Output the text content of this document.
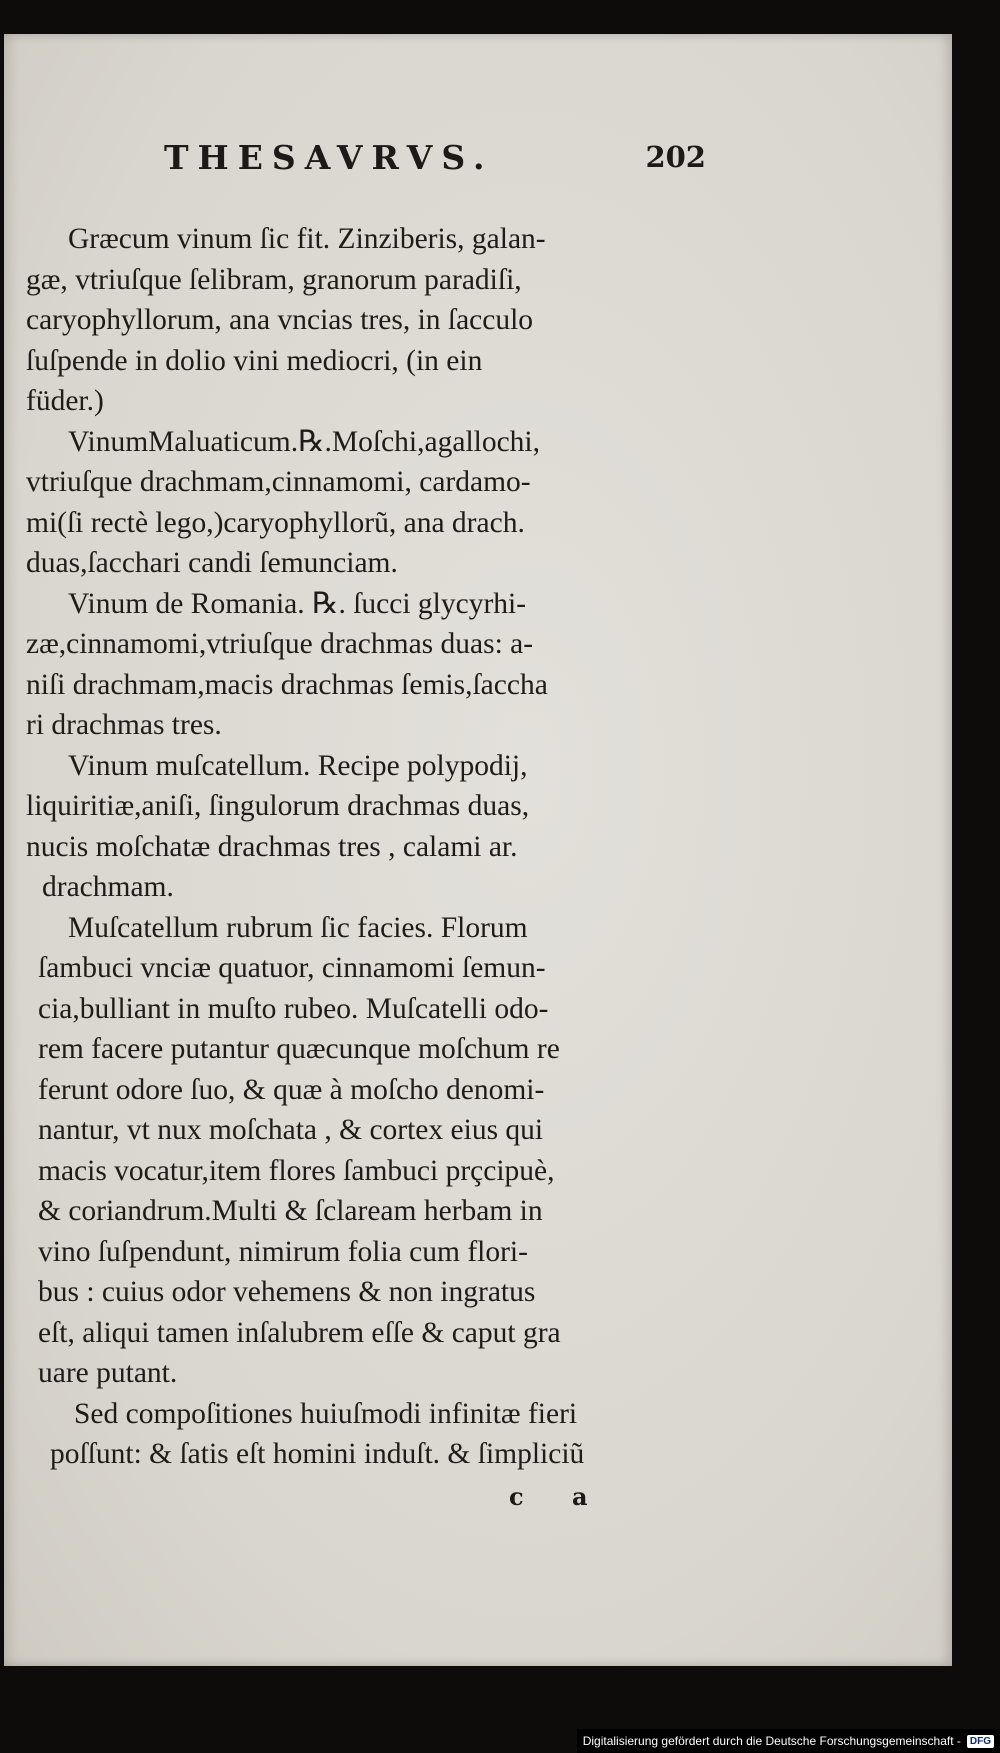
THESAVRVS.	202
Græcum vinum ſic fit. Zinziberis, galan-
gæ, vtriuſque ſelibram, granorum paradiſi,
caryophyllorum, ana vncias tres, in ſacculo
ſuſpende in dolio vini mediocri, (in ein
füder.)
VinumMaluaticum.℞.Moſchi,agallochi,
vtriuſque drachmam,cinnamomi, cardamo-
mi(ſi rectè lego,)caryophyllorũ, ana drach.
duas,ſacchari candi ſemunciam.
Vinum de Romania. ℞. ſucci glycyrhi-
zæ,cinnamomi,vtriuſque drachmas duas: a-
niſi drachmam,macis drachmas ſemis,ſaccha
ri drachmas tres.
Vinum muſcatellum. Recipe polypodij,
liquiritiæ,aniſi, ſingulorum drachmas duas,
nucis moſchatæ drachmas tres , calami ar.
drachmam.
Muſcatellum rubrum ſic facies. Florum
ſambuci vnciæ quatuor, cinnamomi ſemun-
cia,bulliant in muſto rubeo. Muſcatelli odo-
rem facere putantur quæcunque moſchum re
ferunt odore ſuo, & quæ à moſcho denomi-
nantur, vt nux moſchata , & cortex eius qui
macis vocatur,item flores ſambuci prçcipuè,
& coriandrum.Multi & ſclaream herbam in
vino ſuſpendunt, nimirum folia cum flori-
bus : cuius odor vehemens & non ingratus
eſt, aliqui tamen inſalubrem eſſe & caput gra
uare putant.
Sed compoſitiones huiuſmodi infinitæ fieri
poſſunt: & ſatis eſt homini induſt. & ſimpliciũ
c a
Digitalisierung gefördert durch die Deutsche Forschungsgemeinschaft - DFG
